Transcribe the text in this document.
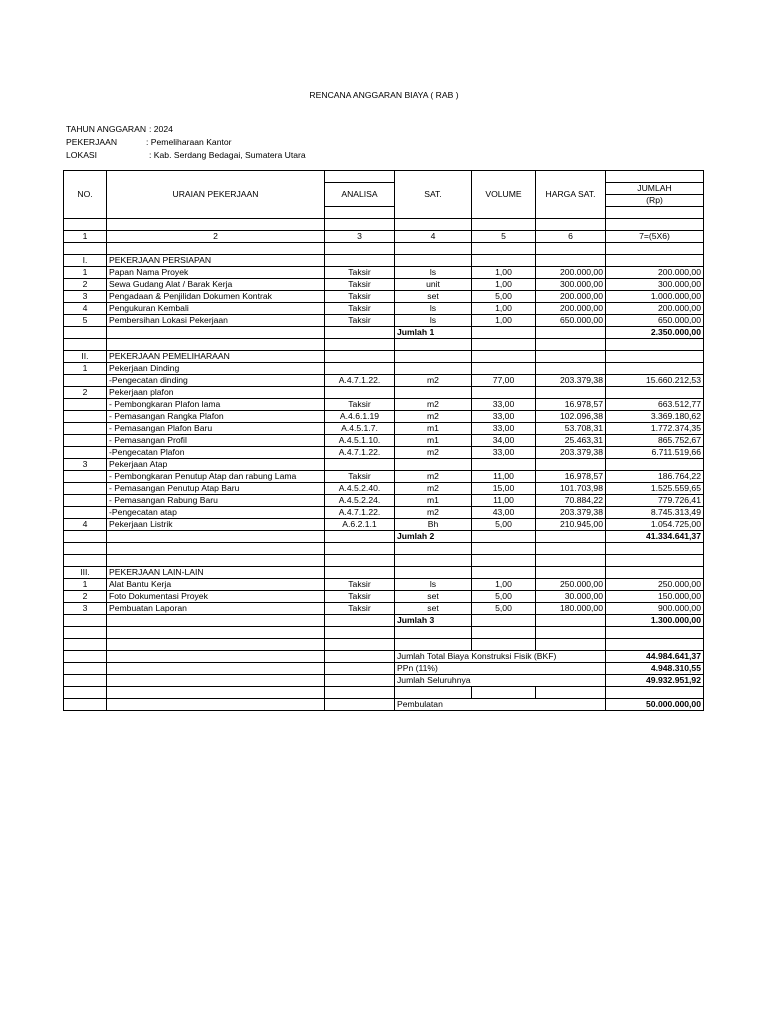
RENCANA ANGGARAN BIAYA ( RAB )
TAHUN ANGGARAN : 2024
PEKERJAAN	: Pemeliharaan Kantor
LOKASI	: Kab. Serdang Bedagai, Sumatera Utara
NO.	URAIAN PEKERJAAN		SAT.	VOLUME	HARGA SAT.	
		ANALISA				JUMLAH
						(Rp)

1	2	3	4	5	6	7=(5X6)

I.	PEKERJAAN PERSIAPAN					
1	Papan Nama Proyek	Taksir	ls	1,00	200.000,00	200.000,00
2	Sewa Gudang Alat / Barak Kerja	Taksir	unit	1,00	300.000,00	300.000,00
3	Pengadaan & Penjilidan Dokumen Kontrak	Taksir	set	5,00	200.000,00	1.000.000,00
4	Pengukuran Kembali	Taksir	ls	1,00	200.000,00	200.000,00
5	Pembersihan Lokasi Pekerjaan	Taksir	ls	1,00	650.000,00	650.000,00
			Jumlah 1			2.350.000,00

II.	PEKERJAAN PEMELIHARAAN					
1	Pekerjaan Dinding					
	-Pengecatan dinding	A.4.7.1.22.	m2	77,00	203.379,38	15.660.212,53
2	Pekerjaan plafon					
	- Pembongkaran Plafon lama	Taksir	m2	33,00	16.978,57	663.512,77
	- Pemasangan Rangka Plafon	A.4.6.1.19	m2	33,00	102.096,38	3.369.180,62
	- Pemasangan Plafon Baru	A.4.5.1.7.	m1	33,00	53.708,31	1.772.374,35
	- Pemasangan Profil	A.4.5.1.10.	m1	34,00	25.463,31	865.752,67
	-Pengecatan Plafon	A.4.7.1.22.	m2	33,00	203.379,38	6.711.519,66
3	Pekerjaan Atap					
	- Pembongkaran Penutup Atap dan rabung Lama	Taksir	m2	11,00	16.978,57	186.764,22
	- Pemasangan Penutup Atap Baru	A.4.5.2.40.	m2	15,00	101.703,98	1.525.559,65
	- Pemasangan Rabung Baru	A.4.5.2.24.	m1	11,00	70.884,22	779.726,41
	-Pengecatan atap	A.4.7.1.22.	m2	43,00	203.379,38	8.745.313,49
4	Pekerjaan Listrik	A.6.2.1.1	Bh	5,00	210.945,00	1.054.725,00
			Jumlah 2			41.334.641,37

III.	PEKERJAAN LAIN-LAIN					
1	Alat Bantu Kerja	Taksir	ls	1,00	250.000,00	250.000,00
2	Foto Dokumentasi Proyek	Taksir	set	5,00	30.000,00	150.000,00
3	Pembuatan Laporan	Taksir	set	5,00	180.000,00	900.000,00
			Jumlah 3			1.300.000,00

			Jumlah Total Biaya Konstruksi Fisik (BKF)			44.984.641,37
			PPn (11%)			4.948.310,55
			Jumlah Seluruhnya			49.932.951,92

			Pembulatan			50.000.000,00
